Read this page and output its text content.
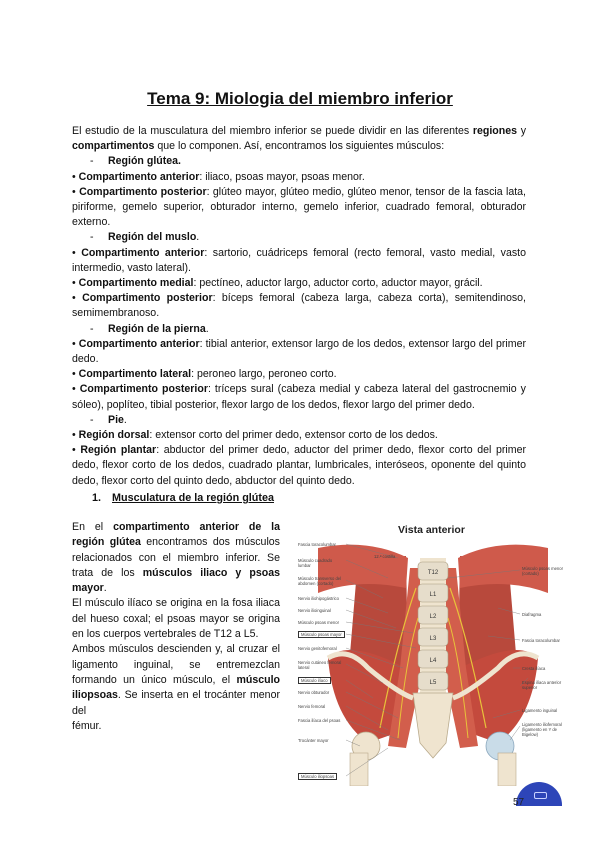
Tema 9: Miologia del miembro inferior

El estudio de la musculatura del miembro inferior se puede dividir en las diferentes regiones y compartimentos que lo componen. Así, encontramos los siguientes músculos:

- Región glútea.

• Compartimento anterior: iliaco, psoas mayor, psoas menor.

• Compartimento posterior: glúteo mayor, glúteo medio, glúteo menor, tensor de la fascia lata, piriforme, gemelo superior, obturador interno, gemelo inferior, cuadrado femoral, obturador externo.

- Región del muslo.

• Compartimento anterior: sartorio, cuádriceps femoral (recto femoral, vasto medial, vasto intermedio, vasto lateral).

• Compartimento medial: pectíneo, aductor largo, aductor corto, aductor mayor, grácil.

• Compartimento posterior: bíceps femoral (cabeza larga, cabeza corta), semitendinoso, semimembranoso.

- Región de la pierna.

• Compartimento anterior: tibial anterior, extensor largo de los dedos, extensor largo del primer dedo.

• Compartimento lateral: peroneo largo, peroneo corto.

• Compartimento posterior: tríceps sural (cabeza medial y cabeza lateral del gastrocnemio y sóleo), poplíteo, tibial posterior, flexor largo de los dedos, flexor largo del primer dedo.

- Pie.

• Región dorsal: extensor corto del primer dedo, extensor corto de los dedos.

• Región plantar: abductor del primer dedo, aductor del primer dedo, flexor corto del primer dedo, flexor corto de los dedos, cuadrado plantar, lumbricales, interóseos, oponente del quinto dedo, flexor corto del quinto dedo, abductor del quinto dedo.

1. Musculatura de la región glútea

En el compartimento anterior de la región glútea encontramos dos músculos relacionados con el miembro inferior. Se trata de los músculos iliaco y psoas mayor.

El músculo ilíaco se origina en la fosa iliaca del hueso coxal; el psoas mayor se origina en los cuerpos vertebrales de T12 a L5.

Ambos músculos descienden y, al cruzar el ligamento inguinal, se entremezclan formando un único músculo, el músculo iliopsoas. Se inserta en el trocánter menor del

fémur.

Vista anterior
T12
L1
L2
L3
L4
L5
Fascia toracolumbar
Músculo cuadrado lumbar
Músculo transverso del abdomen (cortado)
Nervio iliohipogástrico
Nervio ilioinguinal
Músculo psoas menor
Músculo psoas mayor
Nervio genitofemoral
Nervio cutáneo femoral lateral
Músculo ilíaco
Nervio obturador
Nervio femoral
Fascia ilíaca del psoas
Trocánter mayor
Músculo iliopsoas
12.ª costilla
Músculo psoas menor (cortado)
Diafragma
Fascia toracolumbar
Cresta ilíaca
Espina ilíaca anterior superior
Ligamento inguinal
Ligamento iliofemoral (ligamento en Y de Bigelow)
57
